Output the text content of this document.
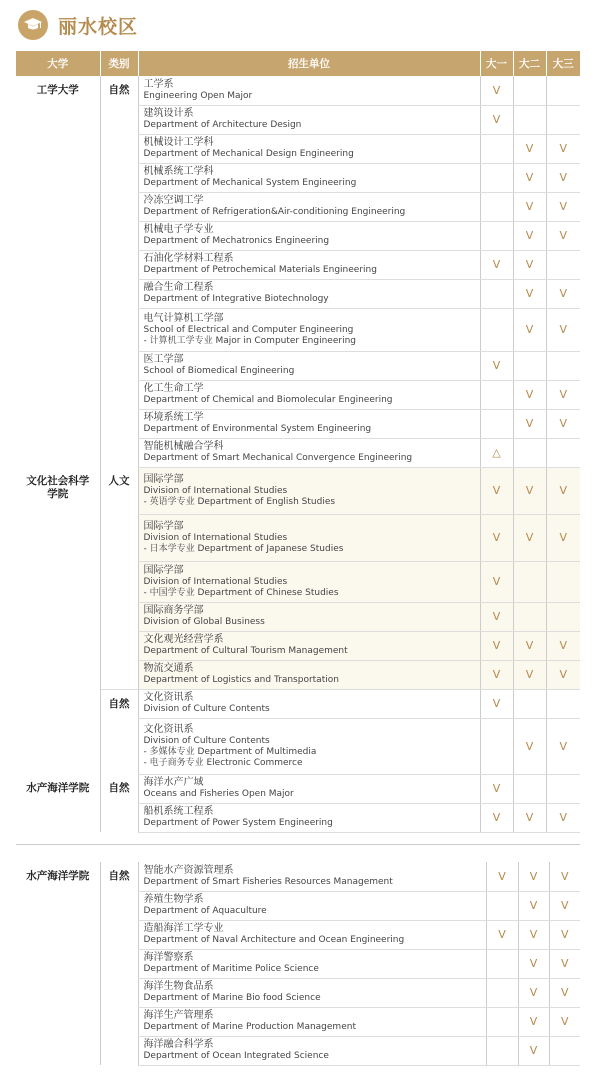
丽水校区
大学	类别	招生单位	大一	大二	大三
工学大学	自然	工学系
Engineering Open Major	V		

		建筑设计系
Department of Architecture Design	V		

		机械设计工学科
Department of Mechanical Design Engineering		V	V

		机械系统工学科
Department of Mechanical System Engineering		V	V

		冷冻空调工学
Department of Refrigeration&Air-conditioning Engineering		V	V

		机械电子学专业
Department of Mechatronics Engineering		V	V

		石油化学材料工程系
Department of Petrochemical Materials Engineering	V	V	

		融合生命工程系
Department of Integrative Biotechnology		V	V

		电气计算机工学部
School of Electrical and Computer Engineering
- 计算机工学专业 Major in Computer Engineering		V	V

		医工学部
School of Biomedical Engineering	V		

		化工生命工学
Department of Chemical and Biomolecular Engineering		V	V

		环境系统工学
Department of Environmental System Engineering		V	V

		智能机械融合学科
Department of Smart Mechanical Convergence Engineering	△		
文化社会科学学院	人文	国际学部
Division of International Studies
- 英语学专业 Department of English Studies	V	V	V

		国际学部
Division of International Studies
- 日本学专业 Department of Japanese Studies	V	V	V

		国际学部
Division of International Studies
- 中国学专业 Department of Chinese Studies	V		

		国际商务学部
Division of Global Business	V		

		文化观光经营学系
Department of Cultural Tourism Management	V	V	V

		物流交通系
Department of Logistics and Transportation	V	V	V
	自然	文化资讯系
Division of Culture Contents	V		

		文化资讯系
Division of Culture Contents
- 多媒体专业 Department of Multimedia
- 电子商务专业 Electronic Commerce		V	V
水产海洋学院	自然	海洋水产广域
Oceans and Fisheries Open Major	V		

		船机系统工程系
Department of Power System Engineering	V	V	V
水产海洋学院	自然	智能水产资源管理系
Department of Smart Fisheries Resources Management	V	V	V

		养殖生物学系
Department of Aquaculture		V	V

		造船海洋工学专业
Department of Naval Architecture and Ocean Engineering	V	V	V

		海洋警察系
Department of Maritime Police Science		V	V

		海洋生物食品系
Department of Marine Bio food Science		V	V

		海洋生产管理系
Department of Marine Production Management		V	V

		海洋融合科学系
Department of Ocean Integrated Science		V	
